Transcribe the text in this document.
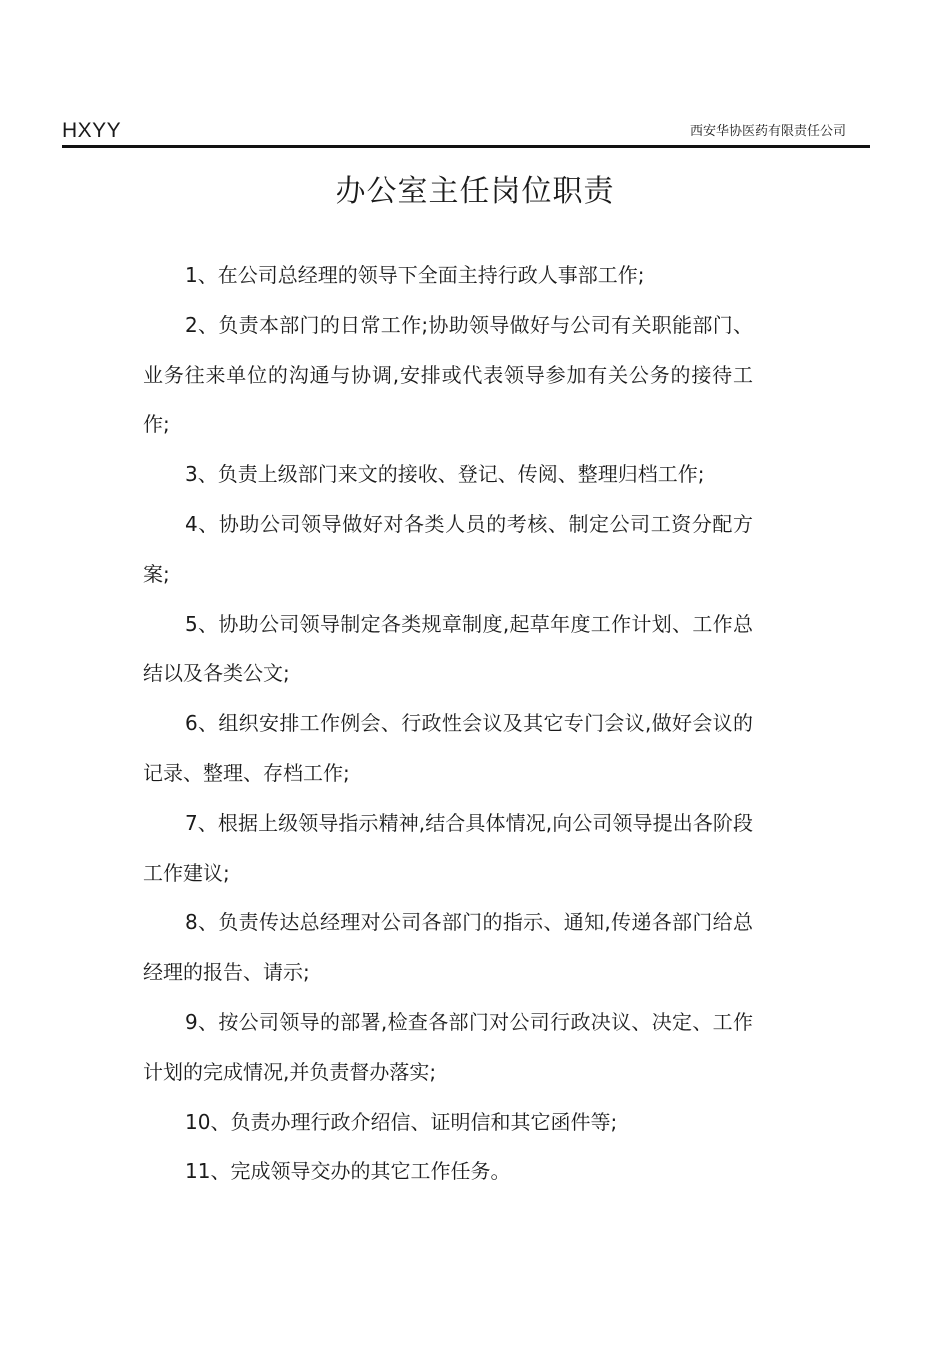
HXYY	西安华协医药有限责任公司
办公室主任岗位职责

1、在公司总经理的领导下全面主持行政人事部工作;

2、负责本部门的日常工作;协助领导做好与公司有关职能部门、业务往来单位的沟通与协调,安排或代表领导参加有关公务的接待工作;

3、负责上级部门来文的接收、登记、传阅、整理归档工作;

4、协助公司领导做好对各类人员的考核、制定公司工资分配方案;

5、协助公司领导制定各类规章制度,起草年度工作计划、工作总结以及各类公文;

6、组织安排工作例会、行政性会议及其它专门会议,做好会议的记录、整理、存档工作;

7、根据上级领导指示精神,结合具体情况,向公司领导提出各阶段工作建议;

8、负责传达总经理对公司各部门的指示、通知,传递各部门给总经理的报告、请示;

9、按公司领导的部署,检查各部门对公司行政决议、决定、工作计划的完成情况,并负责督办落实;

10、负责办理行政介绍信、证明信和其它函件等;

11、完成领导交办的其它工作任务。
